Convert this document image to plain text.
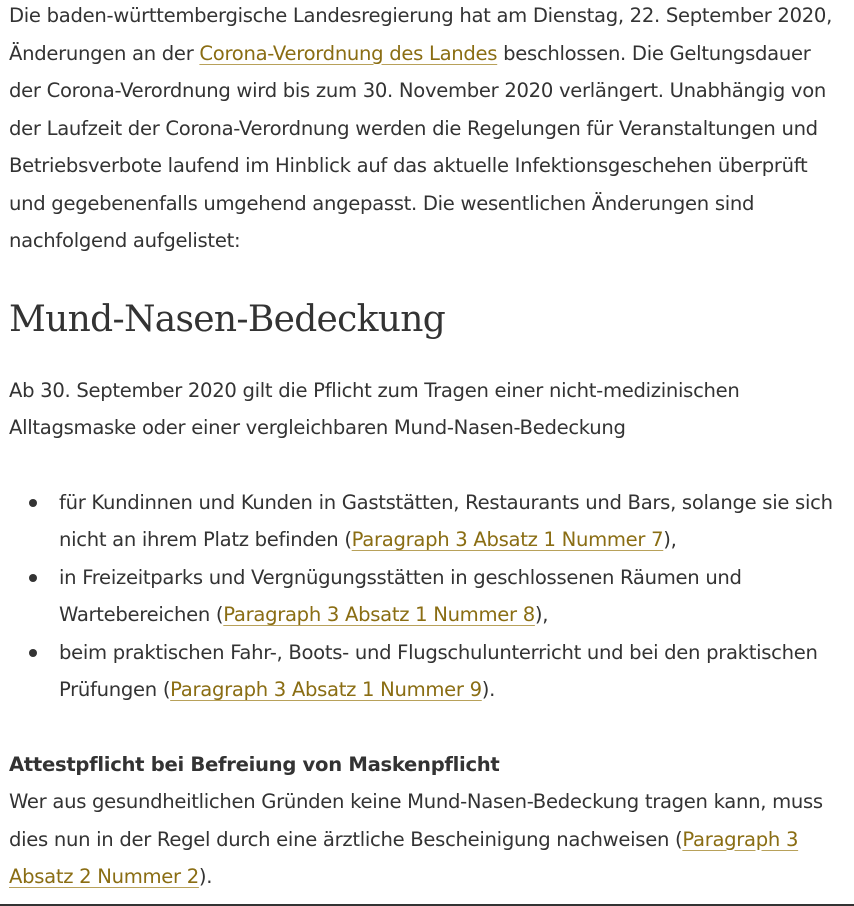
Die baden-württembergische Landesregierung hat am Dienstag, 22. September 2020, Änderungen an der Corona-Verordnung des Landes beschlossen. Die Geltungsdauer der Corona-Verordnung wird bis zum 30. November 2020 verlängert. Unabhängig von der Laufzeit der Corona-Verordnung werden die Regelungen für Veranstaltungen und Betriebsverbote laufend im Hinblick auf das aktuelle Infektionsgeschehen überprüft und gegebenenfalls umgehend angepasst. Die wesentlichen Änderungen sind nachfolgend aufgelistet:

Mund-Nasen-Bedeckung

Ab 30. September 2020 gilt die Pflicht zum Tragen einer nicht-medizinischen Alltagsmaske oder einer vergleichbaren Mund-Nasen-Bedeckung

für Kundinnen und Kunden in Gaststätten, Restaurants und Bars, solange sie sich nicht an ihrem Platz befinden (Paragraph 3 Absatz 1 Nummer 7),
in Freizeitparks und Vergnügungsstätten in geschlossenen Räumen und Wartebereichen (Paragraph 3 Absatz 1 Nummer 8),
beim praktischen Fahr-, Boots- und Flugschulunterricht und bei den praktischen Prüfungen (Paragraph 3 Absatz 1 Nummer 9).

Attestpflicht bei Befreiung von Maskenpflicht
Wer aus gesundheitlichen Gründen keine Mund-Nasen-Bedeckung tragen kann, muss dies nun in der Regel durch eine ärztliche Bescheinigung nachweisen (Paragraph 3 Absatz 2 Nummer 2).
